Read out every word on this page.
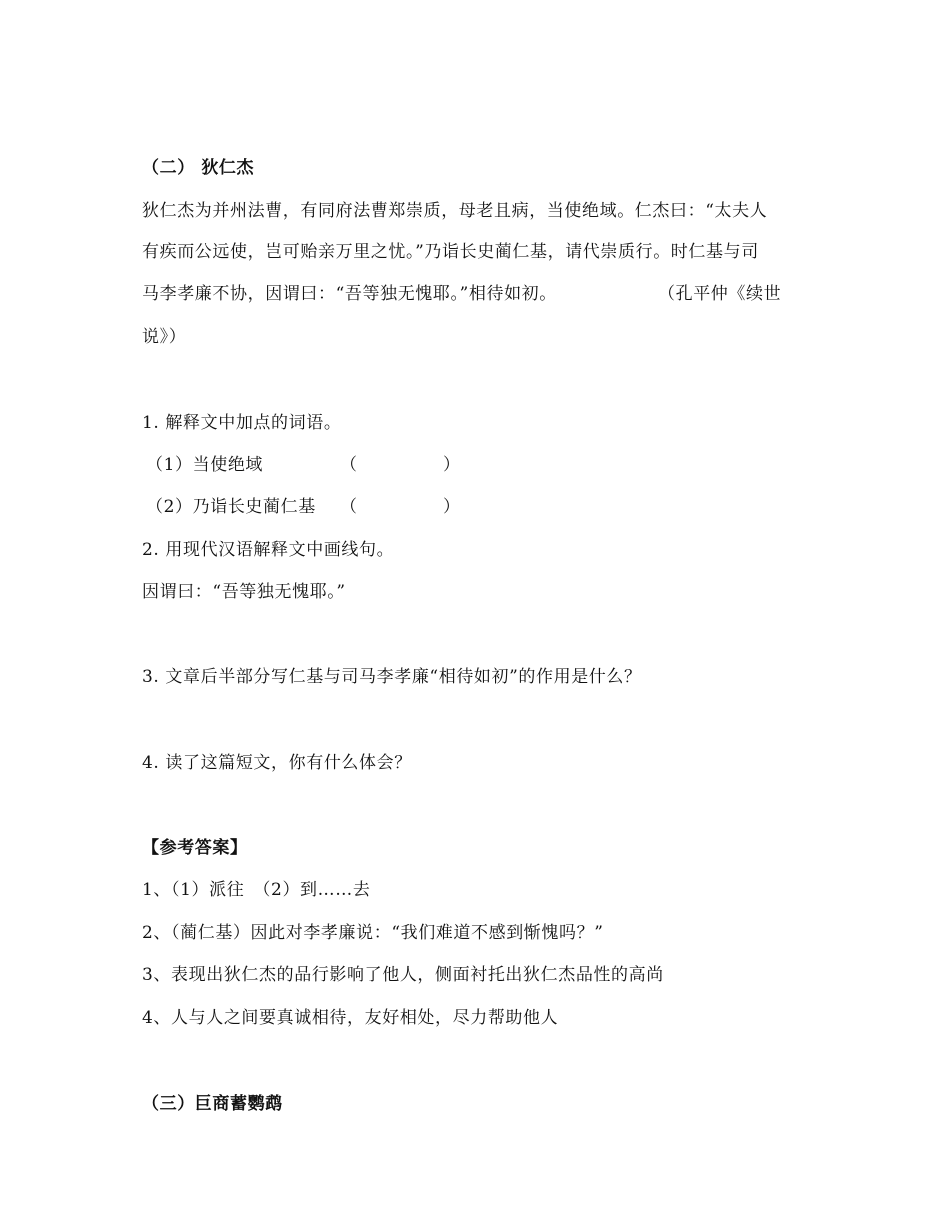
（二） 狄仁杰
狄仁杰为并州法曹，有同府法曹郑崇质，母老且病，当使绝域。仁杰曰：“太夫人
有疾而公远使，岂可贻亲万里之忧。”乃诣长史蔺仁基，请代崇质行。时仁基与司
马李孝廉不协，因谓曰：“吾等独无愧耶。”相待如初。	（孔平仲《续世
说》）
1. 解释文中加点的词语。
（1）当使绝域	（	）
（2）乃诣长史蔺仁基 （	）
2. 用现代汉语解释文中画线句。
因谓曰：“吾等独无愧耶。”
3. 文章后半部分写仁基与司马李孝廉“相待如初”的作用是什么？
4. 读了这篇短文，你有什么体会？
【参考答案】
1、（1）派往　（2）到……去
2、（蔺仁基）因此对李孝廉说：“我们难道不感到惭愧吗？”
3、表现出狄仁杰的品行影响了他人，侧面衬托出狄仁杰品性的高尚
4、人与人之间要真诚相待，友好相处，尽力帮助他人
（三）巨商蓄鹦鹉
